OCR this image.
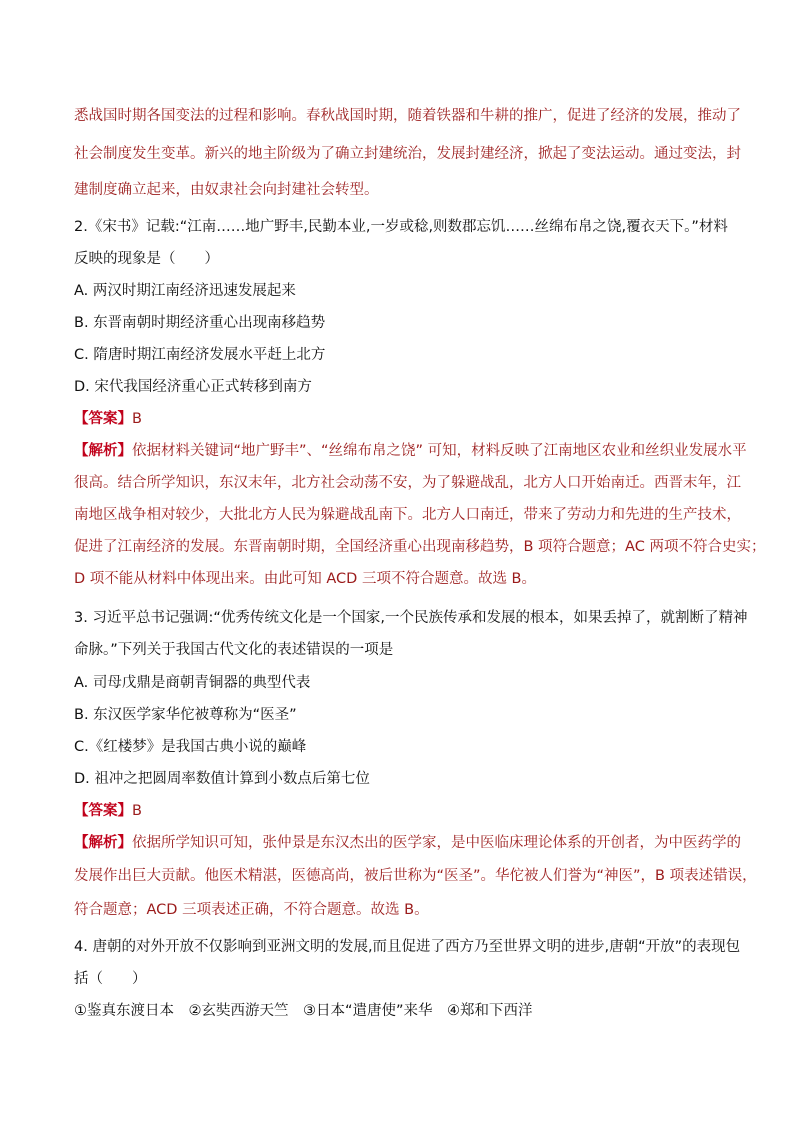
悉战国时期各国变法的过程和影响。春秋战国时期，随着铁器和牛耕的推广，促进了经济的发展，推动了
社会制度发生变革。新兴的地主阶级为了确立封建统治，发展封建经济，掀起了变法运动。通过变法，封
建制度确立起来，由奴隶社会向封建社会转型。
2.《宋书》记载:“江南……地广野丰,民勤本业,一岁或稔,则数郡忘饥……丝绵布帛之饶,覆衣天下。”材料
反映的现象是（　　）
A. 两汉时期江南经济迅速发展起来
B. 东晋南朝时期经济重心出现南移趋势
C. 隋唐时期江南经济发展水平赶上北方
D. 宋代我国经济重心正式转移到南方
【答案】B
【解析】依据材料关键词“地广野丰”、“丝绵布帛之饶” 可知，材料反映了江南地区农业和丝织业发展水平
很高。结合所学知识，东汉末年，北方社会动荡不安，为了躲避战乱，北方人口开始南迁。西晋末年，江
南地区战争相对较少，大批北方人民为躲避战乱南下。北方人口南迁，带来了劳动力和先进的生产技术，
促进了江南经济的发展。东晋南朝时期，全国经济重心出现南移趋势，B 项符合题意；AC 两项不符合史实；
D 项不能从材料中体现出来。由此可知 ACD 三项不符合题意。故选 B。
3. 习近平总书记强调:“优秀传统文化是一个国家,一个民族传承和发展的根本，如果丢掉了，就割断了精神
命脉。”下列关于我国古代文化的表述错误的一项是
A. 司母戊鼎是商朝青铜器的典型代表
B. 东汉医学家华佗被尊称为“医圣”
C.《红楼梦》是我国古典小说的巅峰
D. 祖冲之把圆周率数值计算到小数点后第七位
【答案】B
【解析】依据所学知识可知，张仲景是东汉杰出的医学家，是中医临床理论体系的开创者，为中医药学的
发展作出巨大贡献。他医术精湛，医德高尚，被后世称为“医圣”。华佗被人们誉为“神医”，B 项表述错误，
符合题意；ACD 三项表述正确，不符合题意。故选 B。
4. 唐朝的对外开放不仅影响到亚洲文明的发展,而且促进了西方乃至世界文明的进步,唐朝“开放”的表现包
括（　　）
①鉴真东渡日本　②玄奘西游天竺　③日本“遣唐使”来华　④郑和下西洋
